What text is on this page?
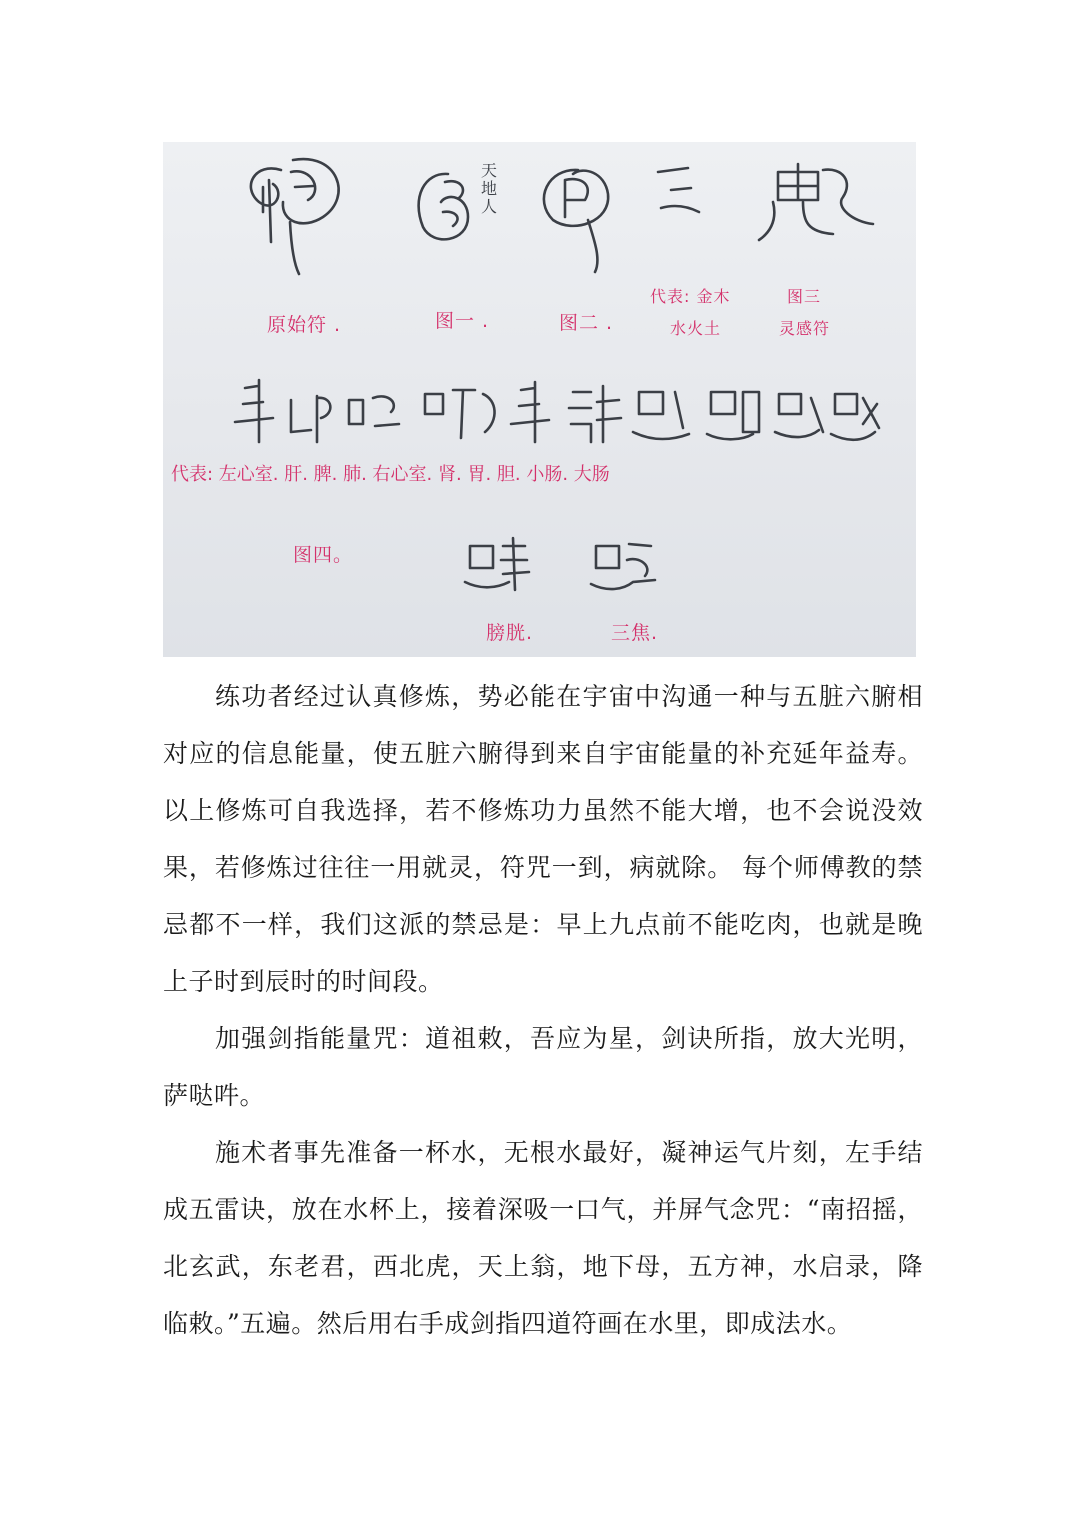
天
地
人
原始符 .	图一 .	图二 .
代表: 金木
水火土
图三
灵感符
代表: 左心室. 肝. 脾. 肺. 右心室. 肾. 胃. 胆. 小肠. 大肠
图四。
膀胱.	三焦.

练功者经过认真修炼，势必能在宇宙中沟通一种与五脏六腑相对应的信息能量，使五脏六腑得到来自宇宙能量的补充延年益寿。以上修炼可自我选择，若不修炼功力虽然不能大增，也不会说没效果，若修炼过往往一用就灵，符咒一到，病就除。 每个师傅教的禁忌都不一样，我们这派的禁忌是：早上九点前不能吃肉，也就是晚上子时到辰时的时间段。

加强剑指能量咒：道祖敕，吾应为星，剑诀所指，放大光明，萨哒吽。

施术者事先准备一杯水，无根水最好，凝神运气片刻，左手结成五雷诀，放在水杯上，接着深吸一口气，并屏气念咒：“南招摇，北玄武，东老君，西北虎，天上翁，地下母，五方神，水启录，降临敕。”五遍。然后用右手成剑指四道符画在水里，即成法水。
